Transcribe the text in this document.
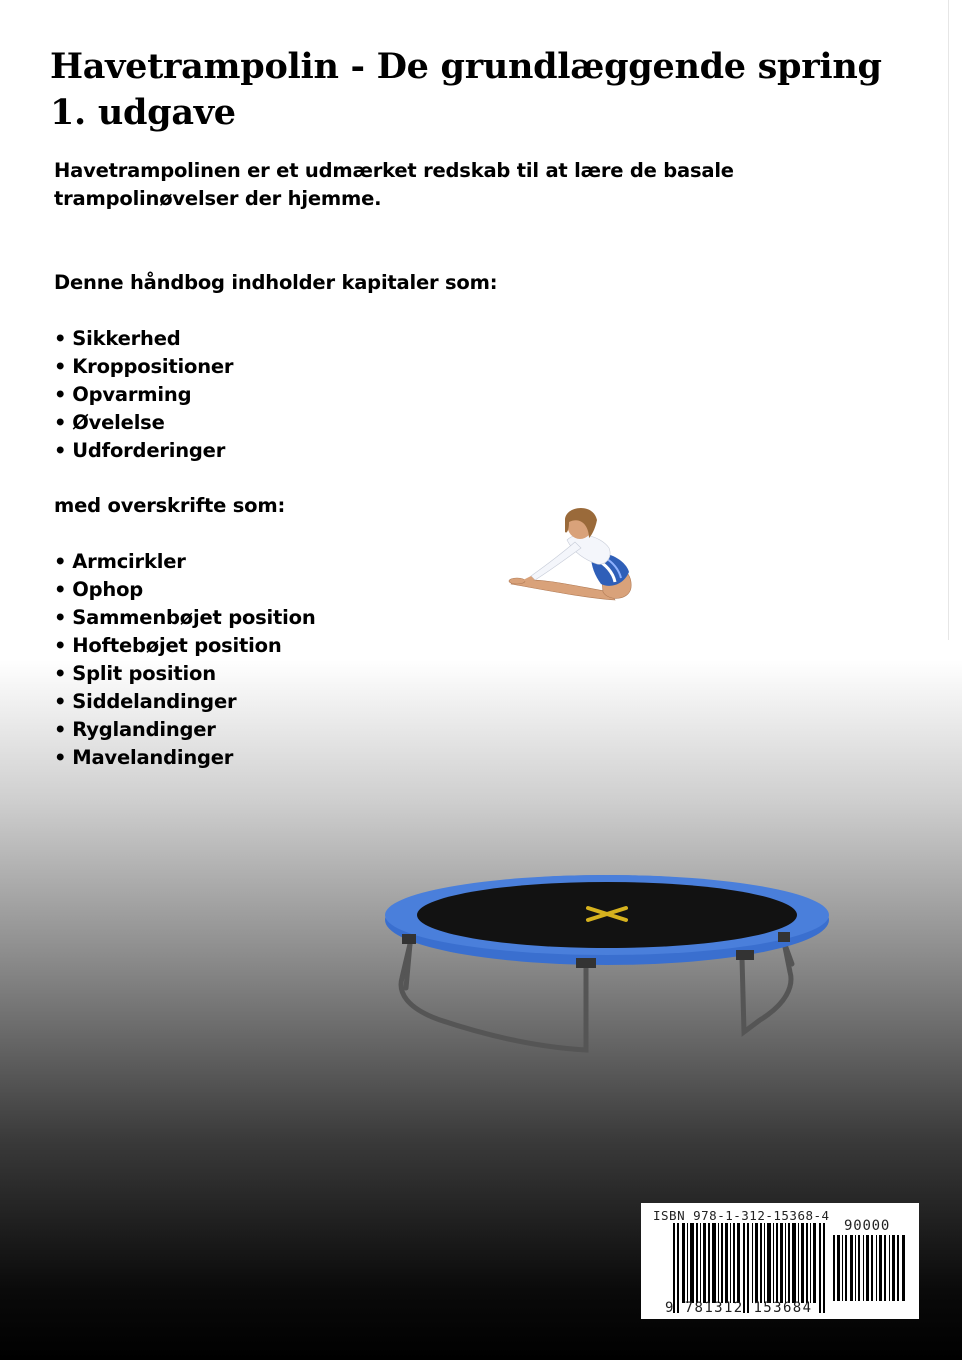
Havetrampolin - De grundlæggende spring
1. udgave

Havetrampolinen er et udmærket redskab til at lære de basale
trampolinøvelser der hjemme.

Denne håndbog indholder kapitaler som:
• Sikkerhed
• Kroppositioner
• Opvarming
• Øvelelse
• Udforderinger
med overskrifte som:
• Armcirkler
• Ophop
• Sammenbøjet position
• Hoftebøjet position
• Split position
• Siddelandinger
• Ryglandinger
• Mavelandinger
ISBN 978-1-312-15368-4
90000
9 781312 153684
